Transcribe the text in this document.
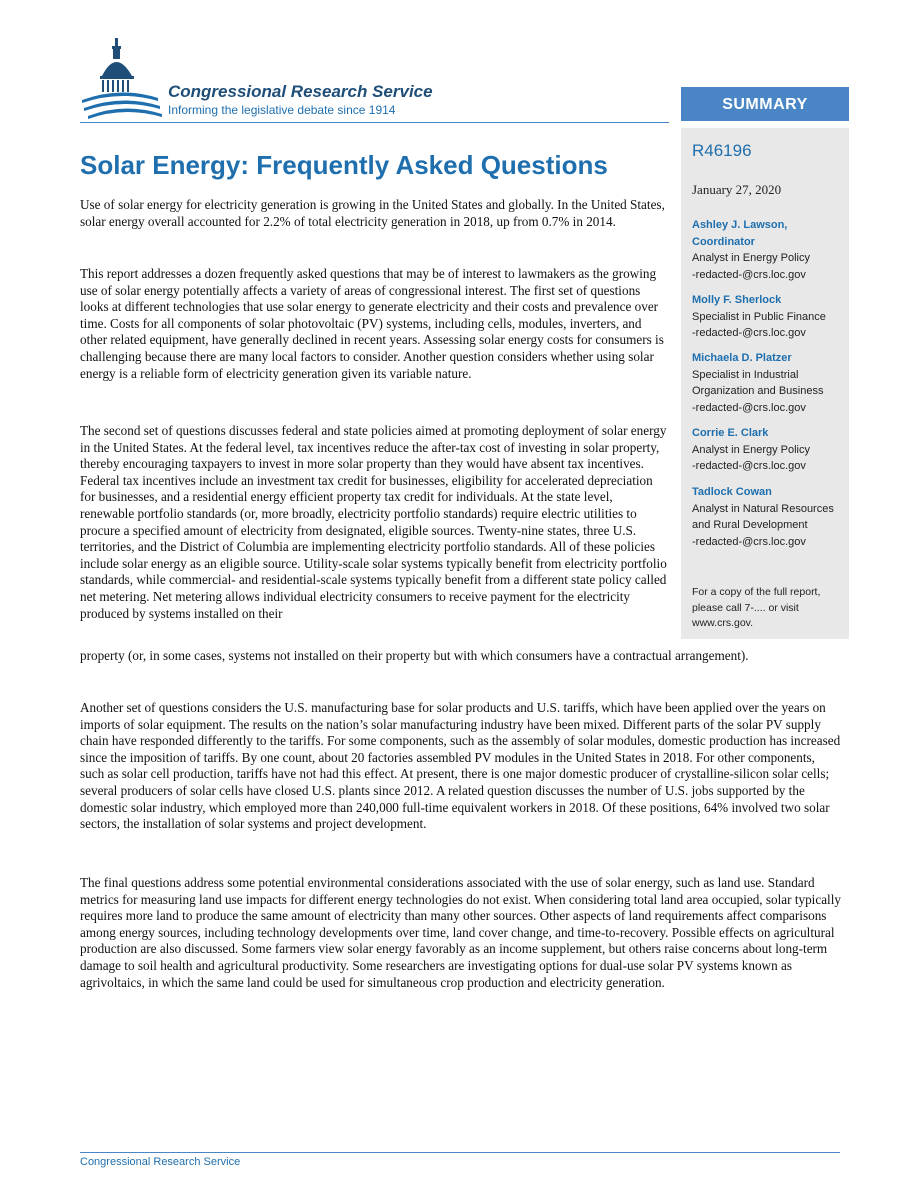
Congressional Research Service
Informing the legislative debate since 1914	SUMMARY
R46196
January 27, 2020
Ashley J. Lawson,
Coordinator
Analyst in Energy Policy
-redacted-@crs.loc.gov
Molly F. Sherlock
Specialist in Public Finance
-redacted-@crs.loc.gov
Michaela D. Platzer
Specialist in Industrial Organization and Business
-redacted-@crs.loc.gov
Corrie E. Clark
Analyst in Energy Policy
-redacted-@crs.loc.gov
Tadlock Cowan
Analyst in Natural Resources and Rural Development
-redacted-@crs.loc.gov
For a copy of the full report, please call 7-.... or visit www.crs.gov.
Solar Energy: Frequently Asked Questions
Use of solar energy for electricity generation is growing in the United States and globally. In the United States, solar energy overall accounted for 2.2% of total electricity generation in 2018, up from 0.7% in 2014.
This report addresses a dozen frequently asked questions that may be of interest to lawmakers as the growing use of solar energy potentially affects a variety of areas of congressional interest. The first set of questions looks at different technologies that use solar energy to generate electricity and their costs and prevalence over time. Costs for all components of solar photovoltaic (PV) systems, including cells, modules, inverters, and other related equipment, have generally declined in recent years. Assessing solar energy costs for consumers is challenging because there are many local factors to consider. Another question considers whether using solar energy is a reliable form of electricity generation given its variable nature.
The second set of questions discusses federal and state policies aimed at promoting deployment of solar energy in the United States. At the federal level, tax incentives reduce the after-tax cost of investing in solar property, thereby encouraging taxpayers to invest in more solar property than they would have absent tax incentives. Federal tax incentives include an investment tax credit for businesses, eligibility for accelerated depreciation for businesses, and a residential energy efficient property tax credit for individuals. At the state level, renewable portfolio standards (or, more broadly, electricity portfolio standards) require electric utilities to procure a specified amount of electricity from designated, eligible sources. Twenty-nine states, three U.S. territories, and the District of Columbia are implementing electricity portfolio standards. All of these policies include solar energy as an eligible source. Utility-scale solar systems typically benefit from electricity portfolio standards, while commercial- and residential-scale systems typically benefit from a different state policy called net metering. Net metering allows individual electricity consumers to receive payment for the electricity produced by systems installed on their
property (or, in some cases, systems not installed on their property but with which consumers have a contractual arrangement).
Another set of questions considers the U.S. manufacturing base for solar products and U.S. tariffs, which have been applied over the years on imports of solar equipment. The results on the nation’s solar manufacturing industry have been mixed. Different parts of the solar PV supply chain have responded differently to the tariffs. For some components, such as the assembly of solar modules, domestic production has increased since the imposition of tariffs. By one count, about 20 factories assembled PV modules in the United States in 2018. For other components, such as solar cell production, tariffs have not had this effect. At present, there is one major domestic producer of crystalline-silicon solar cells; several producers of solar cells have closed U.S. plants since 2012. A related question discusses the number of U.S. jobs supported by the domestic solar industry, which employed more than 240,000 full-time equivalent workers in 2018. Of these positions, 64% involved two solar sectors, the installation of solar systems and project development.
The final questions address some potential environmental considerations associated with the use of solar energy, such as land use. Standard metrics for measuring land use impacts for different energy technologies do not exist. When considering total land area occupied, solar typically requires more land to produce the same amount of electricity than many other sources. Other aspects of land requirements affect comparisons among energy sources, including technology developments over time, land cover change, and time-to-recovery. Possible effects on agricultural production are also discussed. Some farmers view solar energy favorably as an income supplement, but others raise concerns about long-term damage to soil health and agricultural productivity. Some researchers are investigating options for dual-use solar PV systems known as agrivoltaics, in which the same land could be used for simultaneous crop production and electricity generation.
Congressional Research Service
